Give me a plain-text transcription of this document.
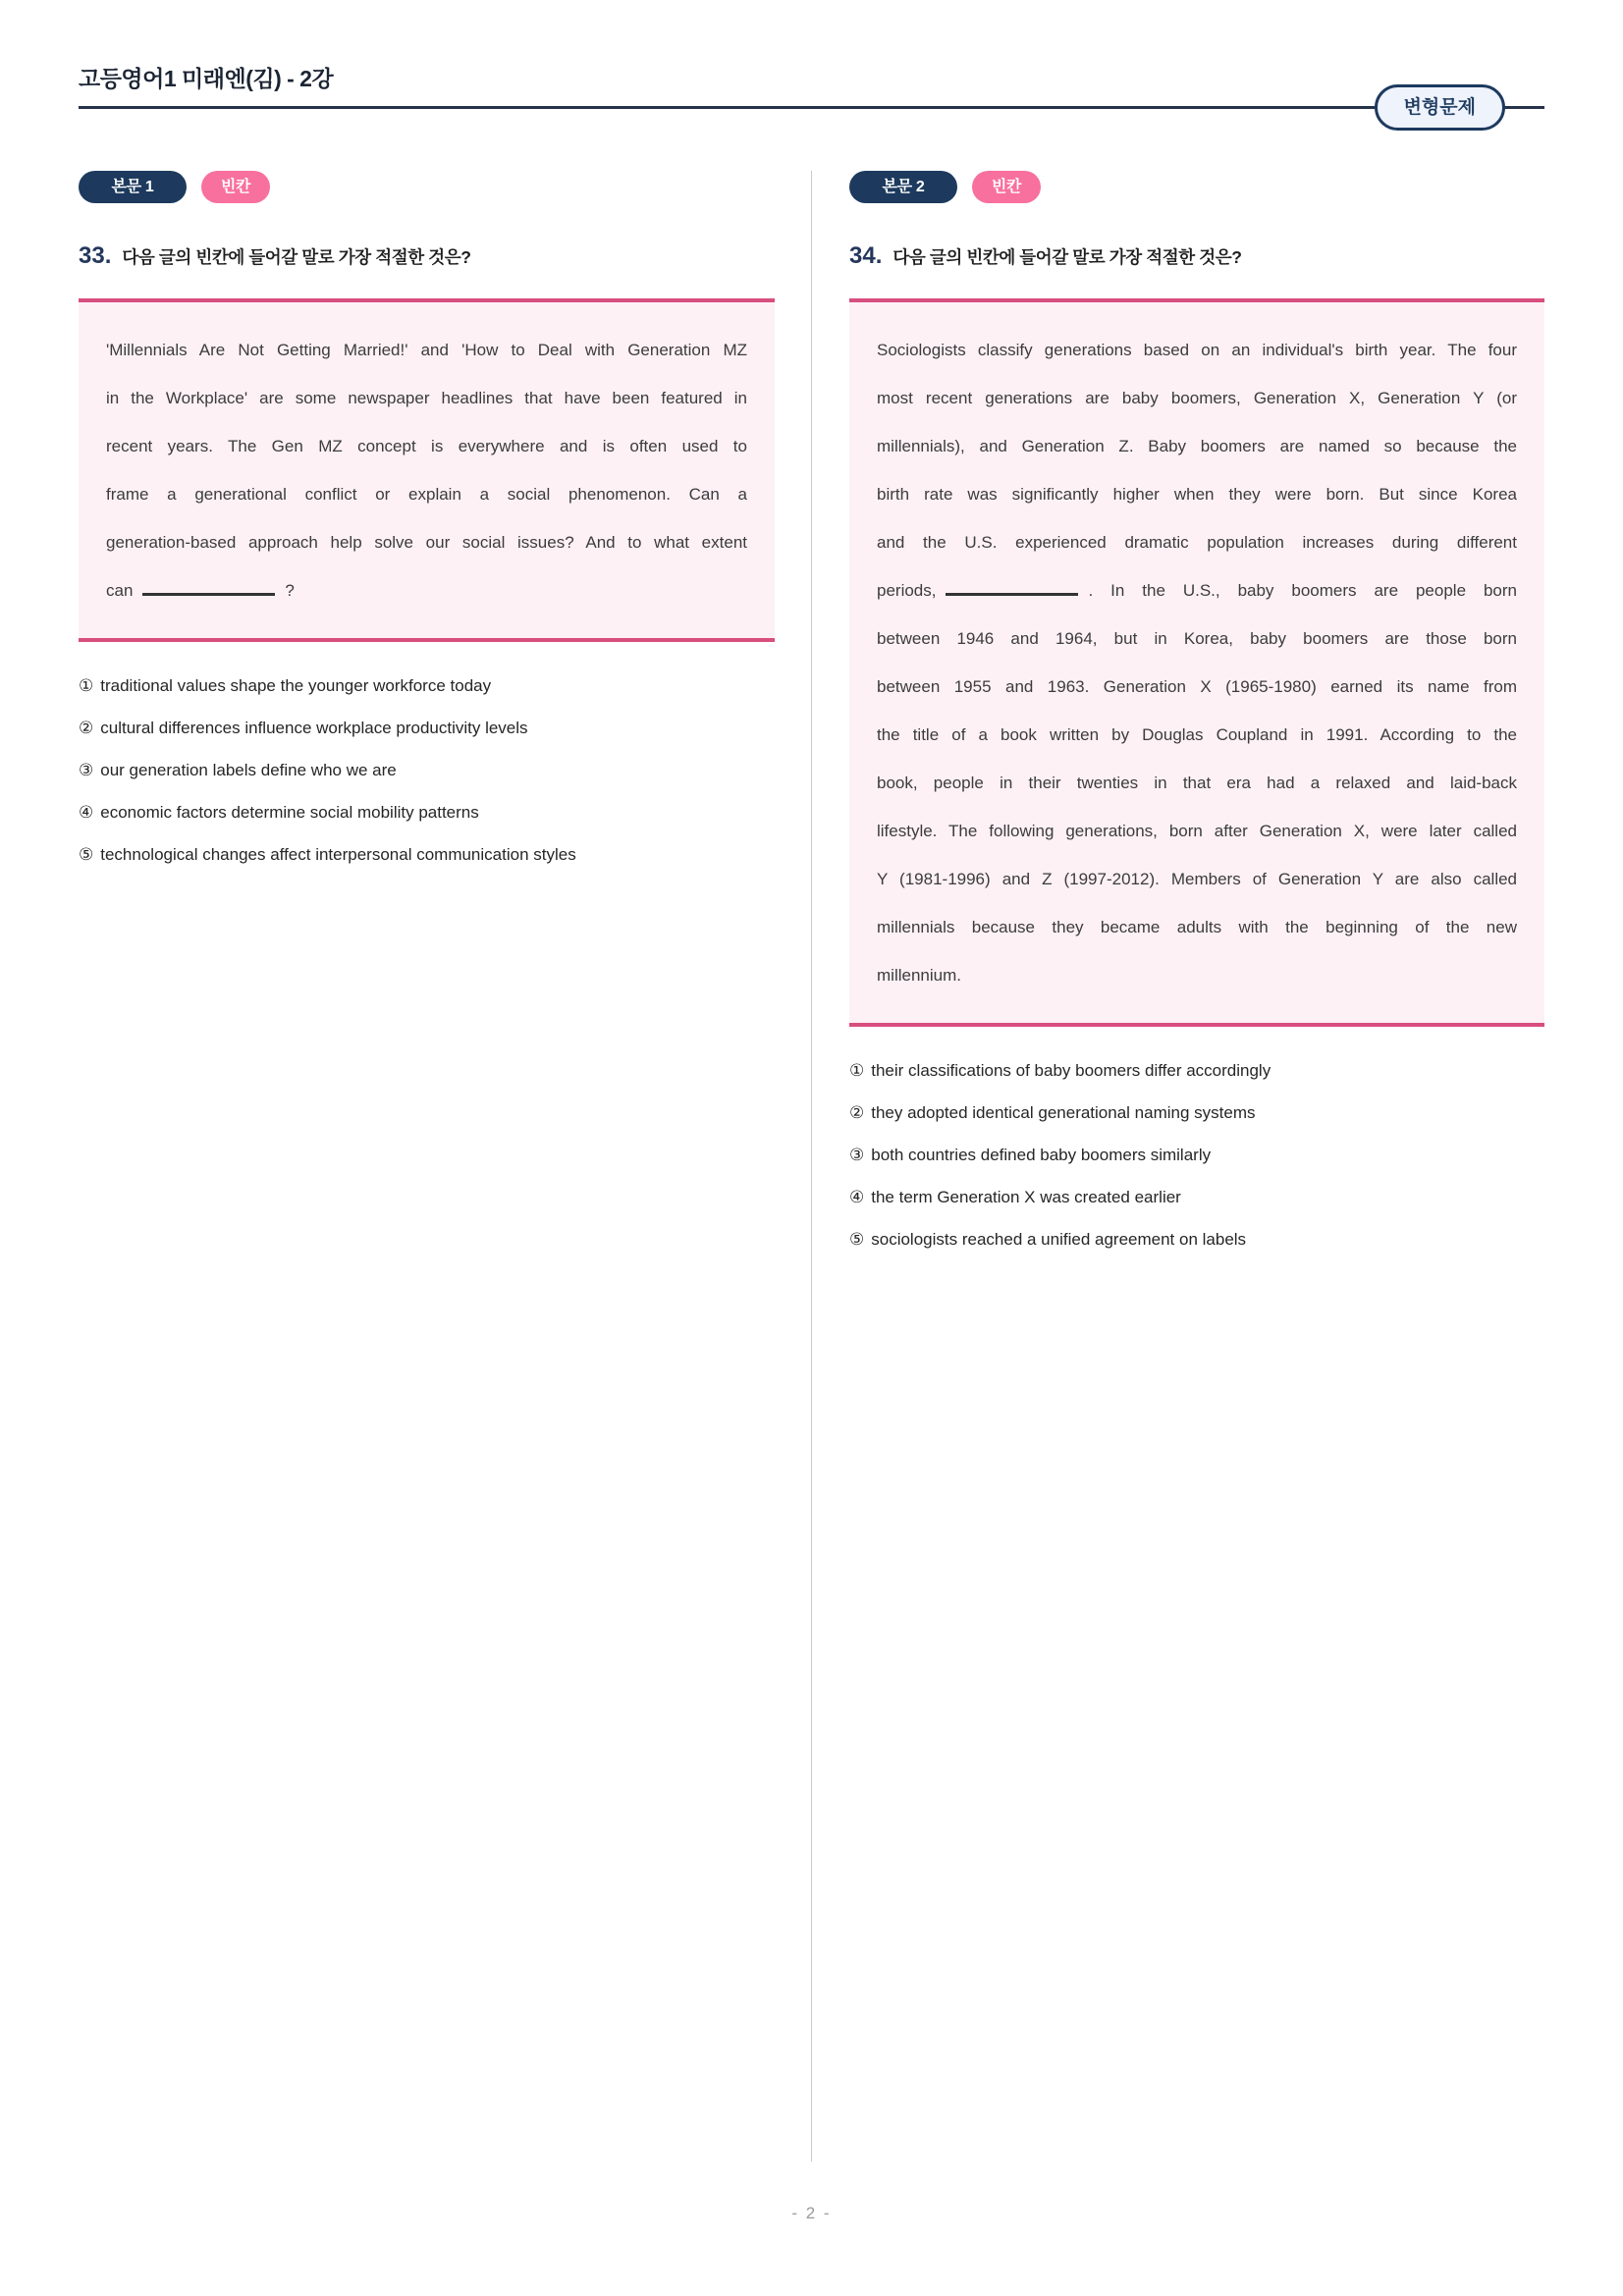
고등영어1 미래엔(김) - 2강
변형문제
본문 1	빈칸
33. 다음 글의 빈칸에 들어갈 말로 가장 적절한 것은?
'Millennials Are Not Getting Married!' and 'How to Deal with Generation MZ in the Workplace' are some newspaper headlines that have been featured in recent years. The Gen MZ concept is everywhere and is often used to frame a generational conflict or explain a social phenomenon. Can a generation-based approach help solve our social issues? And to what extent can	?
① traditional values shape the younger workforce today
② cultural differences influence workplace productivity levels
③ our generation labels define who we are
④ economic factors determine social mobility patterns
⑤ technological changes affect interpersonal communication styles
본문 2	빈칸
34. 다음 글의 빈칸에 들어갈 말로 가장 적절한 것은?
Sociologists classify generations based on an individual's birth year. The four most recent generations are baby boomers, Generation X, Generation Y (or millennials), and Generation Z. Baby boomers are named so because the birth rate was significantly higher when they were born. But since Korea and the U.S. experienced dramatic population increases during different periods,	. In the U.S., baby boomers are people born between 1946 and 1964, but in Korea, baby boomers are those born between 1955 and 1963. Generation X (1965-1980) earned its name from the title of a book written by Douglas Coupland in 1991. According to the book, people in their twenties in that era had a relaxed and laid-back lifestyle. The following generations, born after Generation X, were later called Y (1981-1996) and Z (1997-2012). Members of Generation Y are also called millennials because they became adults with the beginning of the new millennium.
① their classifications of baby boomers differ accordingly
② they adopted identical generational naming systems
③ both countries defined baby boomers similarly
④ the term Generation X was created earlier
⑤ sociologists reached a unified agreement on labels
- 2 -
